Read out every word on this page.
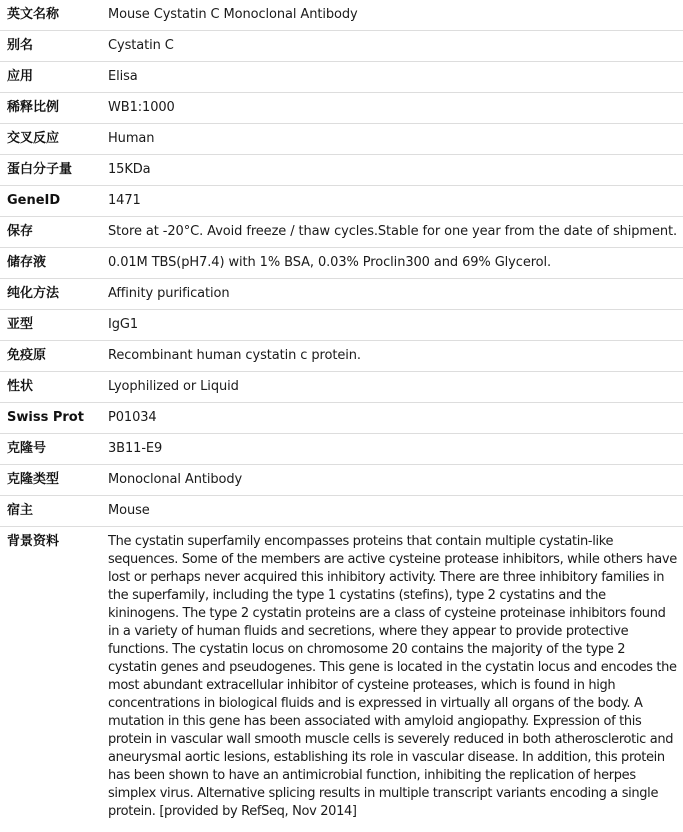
英文名称	Mouse Cystatin C Monoclonal Antibody
别名	Cystatin C
应用	Elisa
稀释比例	WB1:1000
交叉反应	Human
蛋白分子量	15KDa
GeneID	1471
保存	Store at -20°C. Avoid freeze / thaw cycles.Stable for one year from the date of shipment.
储存液	0.01M TBS(pH7.4) with 1% BSA, 0.03% Proclin300 and 69% Glycerol.
纯化方法	Affinity purification
亚型	IgG1
免疫原	Recombinant human cystatin c protein.
性状	Lyophilized or Liquid
Swiss Prot	P01034
克隆号	3B11-E9
克隆类型	Monoclonal Antibody
宿主	Mouse
背景资料	The cystatin superfamily encompasses proteins that contain multiple cystatin-like sequences. Some of the members are active cysteine protease inhibitors, while others have lost or perhaps never acquired this inhibitory activity. There are three inhibitory families in the superfamily, including the type 1 cystatins (stefins), type 2 cystatins and the kininogens. The type 2 cystatin proteins are a class of cysteine proteinase inhibitors found in a variety of human fluids and secretions, where they appear to provide protective functions. The cystatin locus on chromosome 20 contains the majority of the type 2 cystatin genes and pseudogenes. This gene is located in the cystatin locus and encodes the most abundant extracellular inhibitor of cysteine proteases, which is found in high concentrations in biological fluids and is expressed in virtually all organs of the body. A mutation in this gene has been associated with amyloid angiopathy. Expression of this protein in vascular wall smooth muscle cells is severely reduced in both atherosclerotic and aneurysmal aortic lesions, establishing its role in vascular disease. In addition, this protein has been shown to have an antimicrobial function, inhibiting the replication of herpes simplex virus. Alternative splicing results in multiple transcript variants encoding a single protein. [provided by RefSeq, Nov 2014]
